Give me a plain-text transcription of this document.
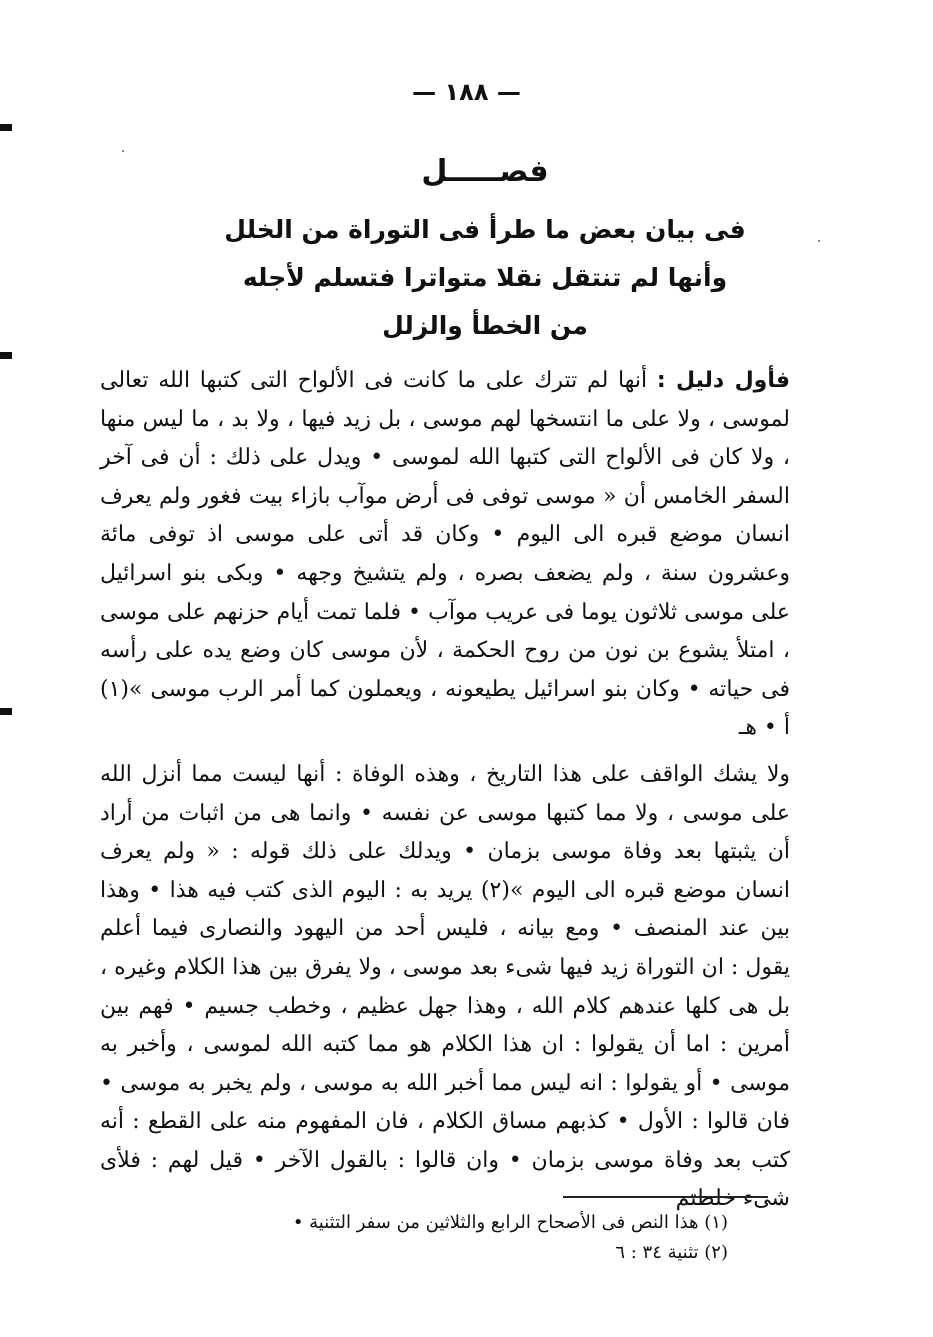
— ١٨٨ —
فصـــــل
فى بيان بعض ما طرأ فى التوراة من الخلل
وأنها لم تنتقل نقلا متواترا فتسلم لأجله
من الخطأ والزلل

فأول دليل : أنها لم تترك على ما كانت فى الألواح التى كتبها الله تعالى لموسى ، ولا على ما انتسخها لهم موسى ، بل زيد فيها ، ولا بد ، ما ليس منها ، ولا كان فى الألواح التى كتبها الله لموسى • ويدل على ذلك : أن فى آخر السفر الخامس أن « موسى توفى فى أرض موآب بازاء بيت فغور ولم يعرف انسان موضع قبره الى اليوم • وكان قد أتى على موسى اذ توفى مائة وعشرون سنة ، ولم يضعف بصره ، ولم يتشيخ وجهه • وبكى بنو اسرائيل على موسى ثلاثون يوما فى عريب موآب • فلما تمت أيام حزنهم على موسى ، امتلأ يشوع بن نون من روح الحكمة ، لأن موسى كان وضع يده على رأسه فى حياته • وكان بنو اسرائيل يطيعونه ، ويعملون كما أمر الرب موسى »(١) أ • هـ

ولا يشك الواقف على هذا التاريخ ، وهذه الوفاة : أنها ليست مما أنزل الله على موسى ، ولا مما كتبها موسى عن نفسه • وانما هى من اثبات من أراد أن يثبتها بعد وفاة موسى بزمان • ويدلك على ذلك قوله : « ولم يعرف انسان موضع قبره الى اليوم »(٢) يريد به : اليوم الذى كتب فيه هذا • وهذا بين عند المنصف • ومع بيانه ، فليس أحد من اليهود والنصارى فيما أعلم يقول : ان التوراة زيد فيها شىء بعد موسى ، ولا يفرق بين هذا الكلام وغيره ، بل هى كلها عندهم كلام الله ، وهذا جهل عظيم ، وخطب جسيم • فهم بين أمرين : اما أن يقولوا : ان هذا الكلام هو مما كتبه الله لموسى ، وأخبر به موسى • أو يقولوا : انه ليس مما أخبر الله به موسى ، ولم يخبر به موسى • فان قالوا : الأول • كذبهم مساق الكلام ، فان المفهوم منه على القطع : أنه كتب بعد وفاة موسى بزمان • وان قالوا : بالقول الآخر • قيل لهم : فلأى شىء خلطتم

(١) هذا النص فى الأصحاح الرابع والثلاثين من سفر التثنية •

(٢) تثنية ٣٤ : ٦
